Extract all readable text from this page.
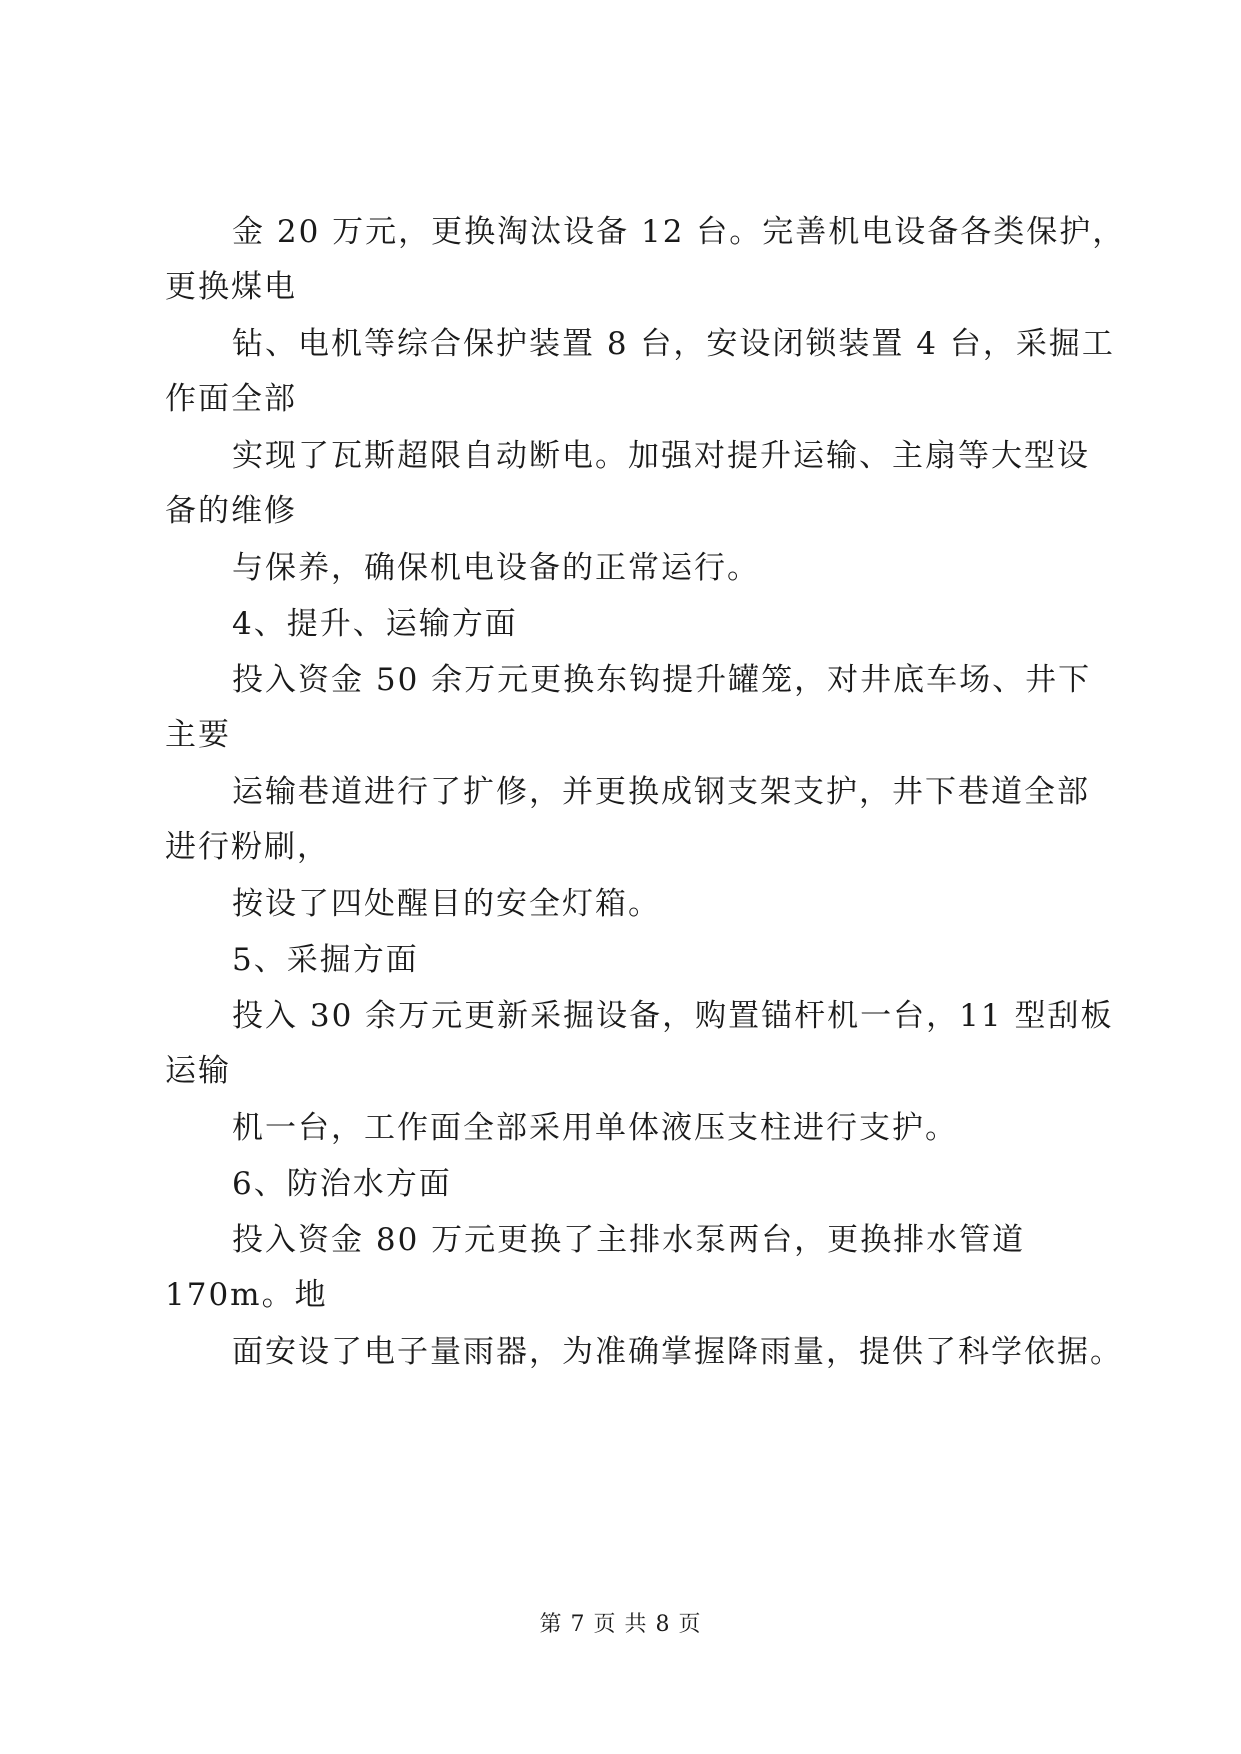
金 20 万元，更换淘汰设备 12 台。完善机电设备各类保护，
更换煤电
钻、电机等综合保护装置 8 台，安设闭锁装置 4 台，采掘工
作面全部
实现了瓦斯超限自动断电。加强对提升运输、主扇等大型设
备的维修
与保养，确保机电设备的正常运行。
4、提升、运输方面
投入资金 50 余万元更换东钩提升罐笼，对井底车场、井下
主要
运输巷道进行了扩修，并更换成钢支架支护，井下巷道全部
进行粉刷，
按设了四处醒目的安全灯箱。
5、采掘方面
投入 30 余万元更新采掘设备，购置锚杆机一台，11 型刮板
运输
机一台，工作面全部采用单体液压支柱进行支护。
6、防治水方面
投入资金 80 万元更换了主排水泵两台，更换排水管道
170m。地
面安设了电子量雨器，为准确掌握降雨量，提供了科学依据。
第 7 页 共 8 页
